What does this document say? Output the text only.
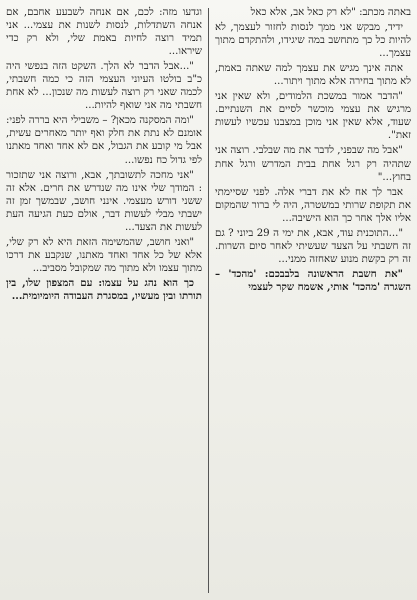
באתה מכתב: "לא רק כאל אב, אלא כאל

ידיד, מבקש אני ממך לנסות לחזור לעצמך, לא להיות כל כך מתחשב במה שיגידו, ולהתקדם מתוך עצמך...

אתה אינך מגיש את עצמך למה שאתה באמת, לא מתוך בחירה אלא מתוך ויתור...

"הדבר אמור במשכת הלמודים, ולא שאין אני מרגיש את עצמי מוכשר לסיים את השנתיים. שעוד, אלא שאין אני מוכן במצבנו עכשיו לעשות זאת".

"אבל מה שבפני, לדבר את מה שבלבי. רוצה אני שתהיה רק רגל אחת בבית המדרש ורגל אחת בחוץ..."

אבר לך אח לא את דברי אלה. לפני שסיימתי את תקופת שרותי במשטרה, היה לי ברור שהמקום אליו אלך אחר כך הוא הישיבה...

"...התוכנית עוד, אבא, את ימי ה 29 ביוני ? גם זה חשבתי על הצעד שעשיתי לאחר סיום השרות. זה רק בקשת מנוע שאחזה ממני...

"את חשבת הראשונה בלבבכם: 'מהכד' – השגרה 'מהכד' אותי, אשמח שקר לעצמי

וגדעו מזה: לכם, אם אנחה לשבעע אחבם, אם אנחה השתדלות, לנסות לשנות את עצמי... אני תמיד רוצה לחיות באמת שלי, ולא רק כדי שיראו...

"...אבל הדבר לא הלך. השקט הזה בנפשי היה כ"ב בולטו העיוני העצמי הזה כי כמה חשבתי, לכמה שאני רק רוצה לעשות מה שנכון... לא אחת חשבתי מה אני שואף להיות...

"ומה המסקנה מכאן? – משבילי היא בררה לפני: אומנם לא נתת את חלק ואף יותר מאחרים עשית, אבל מי קובע את הגבול, אם לא אחד ואחד מאתנו לפי גדול כח נפשו...

"אני מחכה לתשובתך, אבא, ורוצה אני שתזכור : המודך שלי אינו מה שנדרש את חרים. אלא זה ששני דורש מעצמי. אינני חושב, שבמשך זמן זה ישבתי מבלי לעשות דבר, אולם כעת הגיעה העת לעשות את הצעד...

"ואני חושב, שהמשימה הזאת היא לא רק שלי, אלא של כל אחד ואחד מאתנו, שנקבע את דרכו מתוך עצמו ולא מתוך מה שמקובל מסביב...

כך הוא נהג על עצמו: עם המצפון שלו, בין תורתו ובין מעשיו, במסגרת העבודה היומיומית...
